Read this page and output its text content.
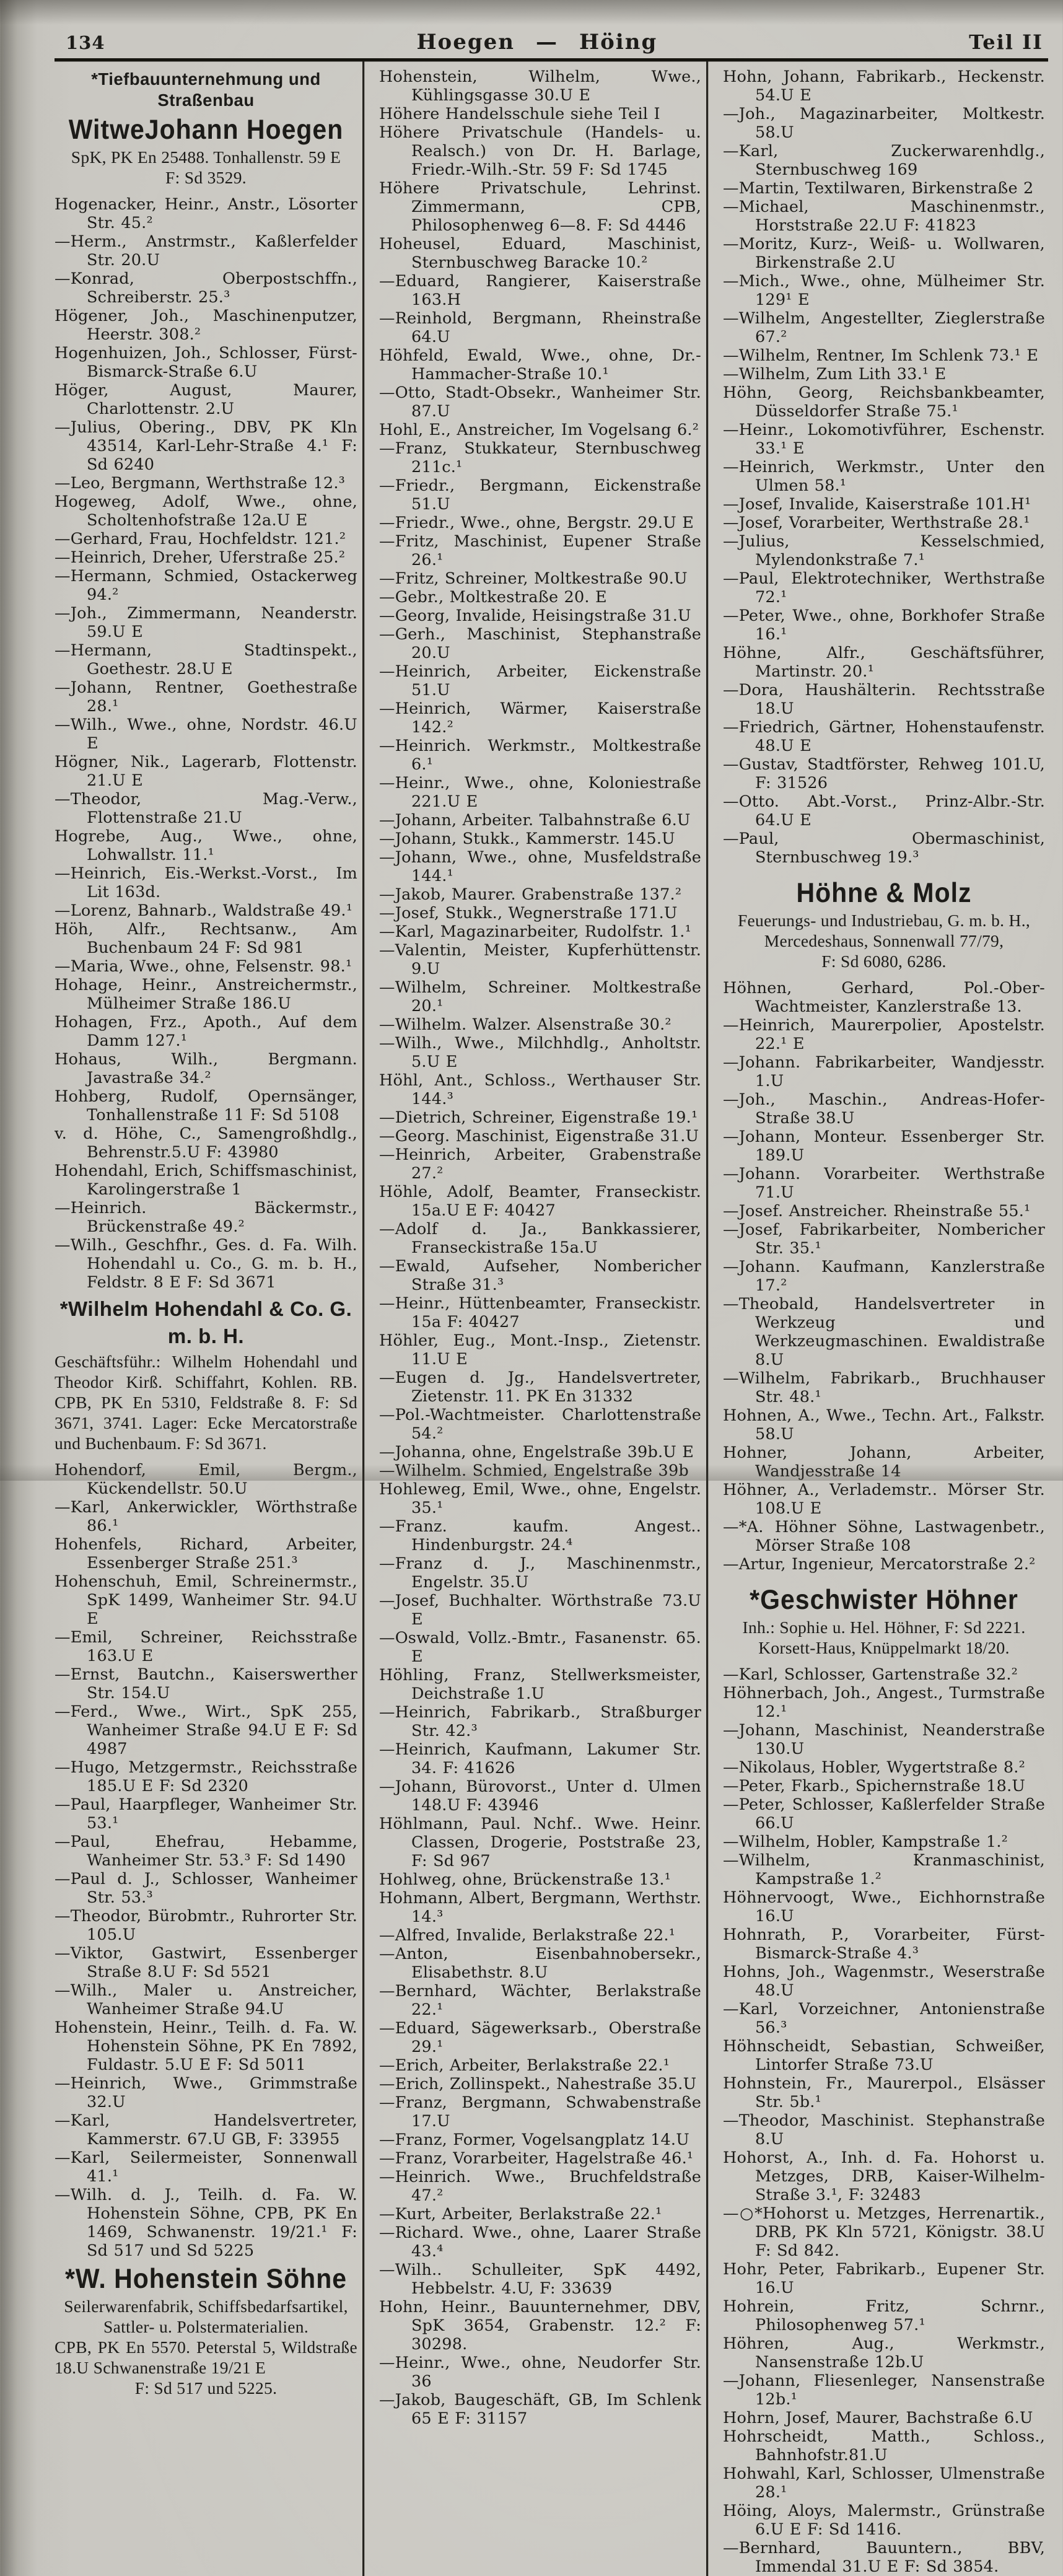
134	Hoegen — Höing	Teil II
*Tiefbauunternehmung und Straßenbau
WitweJohann Hoegen
SpK, PK En 25488. Tonhallenstr. 59 E
F: Sd 3529.
Hogenacker, Heinr., Anstr., Lösorter Str. 45.²
—Herm., Anstrmstr., Kaßlerfelder Str. 20.U
—Konrad, Oberpostschffn., Schreiberstr. 25.³
Högener, Joh., Maschinenputzer, Heerstr. 308.²
Hogenhuizen, Joh., Schlosser, Fürst-Bismarck-Straße 6.U
Höger, August, Maurer, Charlottenstr. 2.U
—Julius, Obering., DBV, PK Kln 43514, Karl-Lehr-Straße 4.¹ F: Sd 6240
—Leo, Bergmann, Werthstraße 12.³
Hogeweg, Adolf, Wwe., ohne, Scholtenhofstraße 12a.U E
—Gerhard, Frau, Hochfeldstr. 121.²
—Heinrich, Dreher, Uferstraße 25.²
—Hermann, Schmied, Ostackerweg 94.²
—Joh., Zimmermann, Neanderstr. 59.U E
—Hermann, Stadtinspekt., Goethestr. 28.U E
—Johann, Rentner, Goethestraße 28.¹
—Wilh., Wwe., ohne, Nordstr. 46.U E
Högner, Nik., Lagerarb, Flottenstr. 21.U E
—Theodor, Mag.-Verw., Flottenstraße 21.U
Hogrebe, Aug., Wwe., ohne, Lohwallstr. 11.¹
—Heinrich, Eis.-Werkst.-Vorst., Im Lit 163d.
—Lorenz, Bahnarb., Waldstraße 49.¹
Höh, Alfr., Rechtsanw., Am Buchenbaum 24 F: Sd 981
—Maria, Wwe., ohne, Felsenstr. 98.¹
Hohage, Heinr., Anstreichermstr., Mülheimer Straße 186.U
Hohagen, Frz., Apoth., Auf dem Damm 127.¹
Hohaus, Wilh., Bergmann. Javastraße 34.²
Hohberg, Rudolf, Opernsänger, Tonhallenstraße 11 F: Sd 5108
v. d. Höhe, C., Samengroßhdlg., Behrenstr.5.U F: 43980
Hohendahl, Erich, Schiffsmaschinist, Karolingerstraße 1
—Heinrich. Bäckermstr., Brückenstraße 49.²
—Wilh., Geschfhr., Ges. d. Fa. Wilh. Hohendahl u. Co., G. m. b. H., Feldstr. 8 E F: Sd 3671
*Wilhelm Hohendahl & Co. G. m. b. H.
Geschäftsführ.: Wilhelm Hohendahl und Theodor Kirß. Schiffahrt, Kohlen. RB. CPB, PK En 5310, Feldstraße 8. F: Sd 3671, 3741. Lager: Ecke Mercatorstraße und Buchenbaum. F: Sd 3671.
Hohendorf, Emil, Bergm., Kückendellstr. 50.U
—Karl, Ankerwickler, Wörthstraße 86.¹
Hohenfels, Richard, Arbeiter, Essenberger Straße 251.³
Hohenschuh, Emil, Schreinermstr., SpK 1499, Wanheimer Str. 94.U E
—Emil, Schreiner, Reichsstraße 163.U E
—Ernst, Bautchn., Kaiserswerther Str. 154.U
—Ferd., Wwe., Wirt., SpK 255, Wanheimer Straße 94.U E F: Sd 4987
—Hugo, Metzgermstr., Reichsstraße 185.U E F: Sd 2320
—Paul, Haarpfleger, Wanheimer Str. 53.¹
—Paul, Ehefrau, Hebamme, Wanheimer Str. 53.³ F: Sd 1490
—Paul d. J., Schlosser, Wanheimer Str. 53.³
—Theodor, Bürobmtr., Ruhrorter Str. 105.U
—Viktor, Gastwirt, Essenberger Straße 8.U F: Sd 5521
—Wilh., Maler u. Anstreicher, Wanheimer Straße 94.U
Hohenstein, Heinr., Teilh. d. Fa. W. Hohenstein Söhne, PK En 7892, Fuldastr. 5.U E F: Sd 5011
—Heinrich, Wwe., Grimmstraße 32.U
—Karl, Handelsvertreter, Kammerstr. 67.U GB, F: 33955
—Karl, Seilermeister, Sonnenwall 41.¹
—Wilh. d. J., Teilh. d. Fa. W. Hohenstein Söhne, CPB, PK En 1469, Schwanenstr. 19/21.¹ F: Sd 517 und Sd 5225
*W. Hohenstein Söhne
Seilerwarenfabrik, Schiffsbedarfsartikel,
Sattler- u. Polstermaterialien.
CPB, PK En 5570. Peterstal 5, Wildstraße 18.U Schwanenstraße 19/21 E
F: Sd 517 und 5225.
Hohenstein, Wilhelm, Wwe., Kühlingsgasse 30.U E
Höhere Handelsschule siehe Teil I
Höhere Privatschule (Handels- u. Realsch.) von Dr. H. Barlage, Friedr.-Wilh.-Str. 59 F: Sd 1745
Höhere Privatschule, Lehrinst. Zimmermann, CPB, Philosophenweg 6—8. F: Sd 4446
Hoheusel, Eduard, Maschinist, Sternbuschweg Baracke 10.²
—Eduard, Rangierer, Kaiserstraße 163.H
—Reinhold, Bergmann, Rheinstraße 64.U
Höhfeld, Ewald, Wwe., ohne, Dr.-Hammacher-Straße 10.¹
—Otto, Stadt-Obsekr., Wanheimer Str. 87.U
Hohl, E., Anstreicher, Im Vogelsang 6.²
—Franz, Stukkateur, Sternbuschweg 211c.¹
—Friedr., Bergmann, Eickenstraße 51.U
—Friedr., Wwe., ohne, Bergstr. 29.U E
—Fritz, Maschinist, Eupener Straße 26.¹
—Fritz, Schreiner, Moltkestraße 90.U
—Gebr., Moltkestraße 20. E
—Georg, Invalide, Heisingstraße 31.U
—Gerh., Maschinist, Stephanstraße 20.U
—Heinrich, Arbeiter, Eickenstraße 51.U
—Heinrich, Wärmer, Kaiserstraße 142.²
—Heinrich. Werkmstr., Moltkestraße 6.¹
—Heinr., Wwe., ohne, Koloniestraße 221.U E
—Johann, Arbeiter. Talbahnstraße 6.U
—Johann, Stukk., Kammerstr. 145.U
—Johann, Wwe., ohne, Musfeldstraße 144.¹
—Jakob, Maurer. Grabenstraße 137.²
—Josef, Stukk., Wegnerstraße 171.U
—Karl, Magazinarbeiter, Rudolfstr. 1.¹
—Valentin, Meister, Kupferhüttenstr. 9.U
—Wilhelm, Schreiner. Moltkestraße 20.¹
—Wilhelm. Walzer. Alsenstraße 30.²
—Wilh., Wwe., Milchhdlg., Anholtstr. 5.U E
Höhl, Ant., Schloss., Werthauser Str. 144.³
—Dietrich, Schreiner, Eigenstraße 19.¹
—Georg. Maschinist, Eigenstraße 31.U
—Heinrich, Arbeiter, Grabenstraße 27.²
Höhle, Adolf, Beamter, Franseckistr. 15a.U E F: 40427
—Adolf d. Ja., Bankkassierer, Franseckistraße 15a.U
—Ewald, Aufseher, Nombericher Straße 31.³
—Heinr., Hüttenbeamter, Franseckistr. 15a F: 40427
Höhler, Eug., Mont.-Insp., Zietenstr. 11.U E
—Eugen d. Jg., Handelsvertreter, Zietenstr. 11. PK En 31332
—Pol.-Wachtmeister. Charlottenstraße 54.²
—Johanna, ohne, Engelstraße 39b.U E
—Wilhelm. Schmied, Engelstraße 39b
Hohleweg, Emil, Wwe., ohne, Engelstr. 35.¹
—Franz. kaufm. Angest.. Hindenburgstr. 24.⁴
—Franz d. J., Maschinenmstr., Engelstr. 35.U
—Josef, Buchhalter. Wörthstraße 73.U E
—Oswald, Vollz.-Bmtr., Fasanenstr. 65. E
Höhling, Franz, Stellwerksmeister, Deichstraße 1.U
—Heinrich, Fabrikarb., Straßburger Str. 42.³
—Heinrich, Kaufmann, Lakumer Str. 34. F: 41626
—Johann, Bürovorst., Unter d. Ulmen 148.U F: 43946
Höhlmann, Paul. Nchf.. Wwe. Heinr. Classen, Drogerie, Poststraße 23, F: Sd 967
Hohlweg, ohne, Brückenstraße 13.¹
Hohmann, Albert, Bergmann, Werthstr. 14.³
—Alfred, Invalide, Berlakstraße 22.¹
—Anton, Eisenbahnobersekr., Elisabethstr. 8.U
—Bernhard, Wächter, Berlakstraße 22.¹
—Eduard, Sägewerksarb., Oberstraße 29.¹
—Erich, Arbeiter, Berlakstraße 22.¹
—Erich, Zollinspekt., Nahestraße 35.U
—Franz, Bergmann, Schwabenstraße 17.U
—Franz, Former, Vogelsangplatz 14.U
—Franz, Vorarbeiter, Hagelstraße 46.¹
—Heinrich. Wwe., Bruchfeldstraße 47.²
—Kurt, Arbeiter, Berlakstraße 22.¹
—Richard. Wwe., ohne, Laarer Straße 43.⁴
—Wilh.. Schulleiter, SpK 4492, Hebbelstr. 4.U, F: 33639
Hohn, Heinr., Bauunternehmer, DBV, SpK 3654, Grabenstr. 12.² F: 30298.
—Heinr., Wwe., ohne, Neudorfer Str. 36
—Jakob, Baugeschäft, GB, Im Schlenk 65 E F: 31157
Hohn, Johann, Fabrikarb., Heckenstr. 54.U E
—Joh., Magazinarbeiter, Moltkestr. 58.U
—Karl, Zuckerwarenhdlg., Sternbuschweg 169
—Martin, Textilwaren, Birkenstraße 2
—Michael, Maschinenmstr., Horststraße 22.U F: 41823
—Moritz, Kurz-, Weiß- u. Wollwaren, Birkenstraße 2.U
—Mich., Wwe., ohne, Mülheimer Str. 129¹ E
—Wilhelm, Angestellter, Zieglerstraße 67.²
—Wilhelm, Rentner, Im Schlenk 73.¹ E
—Wilhelm, Zum Lith 33.¹ E
Höhn, Georg, Reichsbankbeamter, Düsseldorfer Straße 75.¹
—Heinr., Lokomotivführer, Eschenstr. 33.¹ E
—Heinrich, Werkmstr., Unter den Ulmen 58.¹
—Josef, Invalide, Kaiserstraße 101.H¹
—Josef, Vorarbeiter, Werthstraße 28.¹
—Julius, Kesselschmied, Mylendonkstraße 7.¹
—Paul, Elektrotechniker, Werthstraße 72.¹
—Peter, Wwe., ohne, Borkhofer Straße 16.¹
Höhne, Alfr., Geschäftsführer, Martinstr. 20.¹
—Dora, Haushälterin. Rechtsstraße 18.U
—Friedrich, Gärtner, Hohenstaufenstr. 48.U E
—Gustav, Stadtförster, Rehweg 101.U, F: 31526
—Otto. Abt.-Vorst., Prinz-Albr.-Str. 64.U E
—Paul, Obermaschinist, Sternbuschweg 19.³
Höhne & Molz
Feuerungs- und Industriebau, G. m. b. H.,
Mercedeshaus, Sonnenwall 77/79,
F: Sd 6080, 6286.
Höhnen, Gerhard, Pol.-Ober-Wachtmeister, Kanzlerstraße 13.
—Heinrich, Maurerpolier, Apostelstr. 22.¹ E
—Johann. Fabrikarbeiter, Wandjesstr. 1.U
—Joh., Maschin., Andreas-Hofer-Straße 38.U
—Johann, Monteur. Essenberger Str. 189.U
—Johann. Vorarbeiter. Werthstraße 71.U
—Josef. Anstreicher. Rheinstraße 55.¹
—Josef, Fabrikarbeiter, Nombericher Str. 35.¹
—Johann. Kaufmann, Kanzlerstraße 17.²
—Theobald, Handelsvertreter in Werkzeug und Werkzeugmaschinen. Ewaldistraße 8.U
—Wilhelm, Fabrikarb., Bruchhauser Str. 48.¹
Hohnen, A., Wwe., Techn. Art., Falkstr. 58.U
Hohner, Johann, Arbeiter, Wandjesstraße 14
Höhner, A., Verlademstr.. Mörser Str. 108.U E
—*A. Höhner Söhne, Lastwagenbetr., Mörser Straße 108
—Artur, Ingenieur, Mercatorstraße 2.²
*Geschwister Höhner
Inh.: Sophie u. Hel. Höhner, F: Sd 2221.
Korsett-Haus, Knüppelmarkt 18/20.
—Karl, Schlosser, Gartenstraße 32.²
Höhnerbach, Joh., Angest., Turmstraße 12.¹
—Johann, Maschinist, Neanderstraße 130.U
—Nikolaus, Hobler, Wygertstraße 8.²
—Peter, Fkarb., Spichernstraße 18.U
—Peter, Schlosser, Kaßlerfelder Straße 66.U
—Wilhelm, Hobler, Kampstraße 1.²
—Wilhelm, Kranmaschinist, Kampstraße 1.²
Höhnervoogt, Wwe., Eichhornstraße 16.U
Hohnrath, P., Vorarbeiter, Fürst-Bismarck-Straße 4.³
Hohns, Joh., Wagenmstr., Weserstraße 48.U
—Karl, Vorzeichner, Antonienstraße 56.³
Höhnscheidt, Sebastian, Schweißer, Lintorfer Straße 73.U
Hohnstein, Fr., Maurerpol., Elsässer Str. 5b.¹
—Theodor, Maschinist. Stephanstraße 8.U
Hohorst, A., Inh. d. Fa. Hohorst u. Metzges, DRB, Kaiser-Wilhelm-Straße 3.¹, F: 32483
—○*Hohorst u. Metzges, Herrenartik., DRB, PK Kln 5721, Königstr. 38.U F: Sd 842.
Hohr, Peter, Fabrikarb., Eupener Str. 16.U
Hohrein, Fritz, Schrnr., Philosophenweg 57.¹
Höhren, Aug., Werkmstr., Nansenstraße 12b.U
—Johann, Fliesenleger, Nansenstraße 12b.¹
Hohrn, Josef, Maurer, Bachstraße 6.U
Hohrscheidt, Matth., Schloss., Bahnhofstr.81.U
Hohwahl, Karl, Schlosser, Ulmenstraße 28.¹
Höing, Aloys, Malermstr., Grünstraße 6.U E F: Sd 1416.
—Bernhard, Bauuntern., BBV, Immendal 31.U E F: Sd 3854.
